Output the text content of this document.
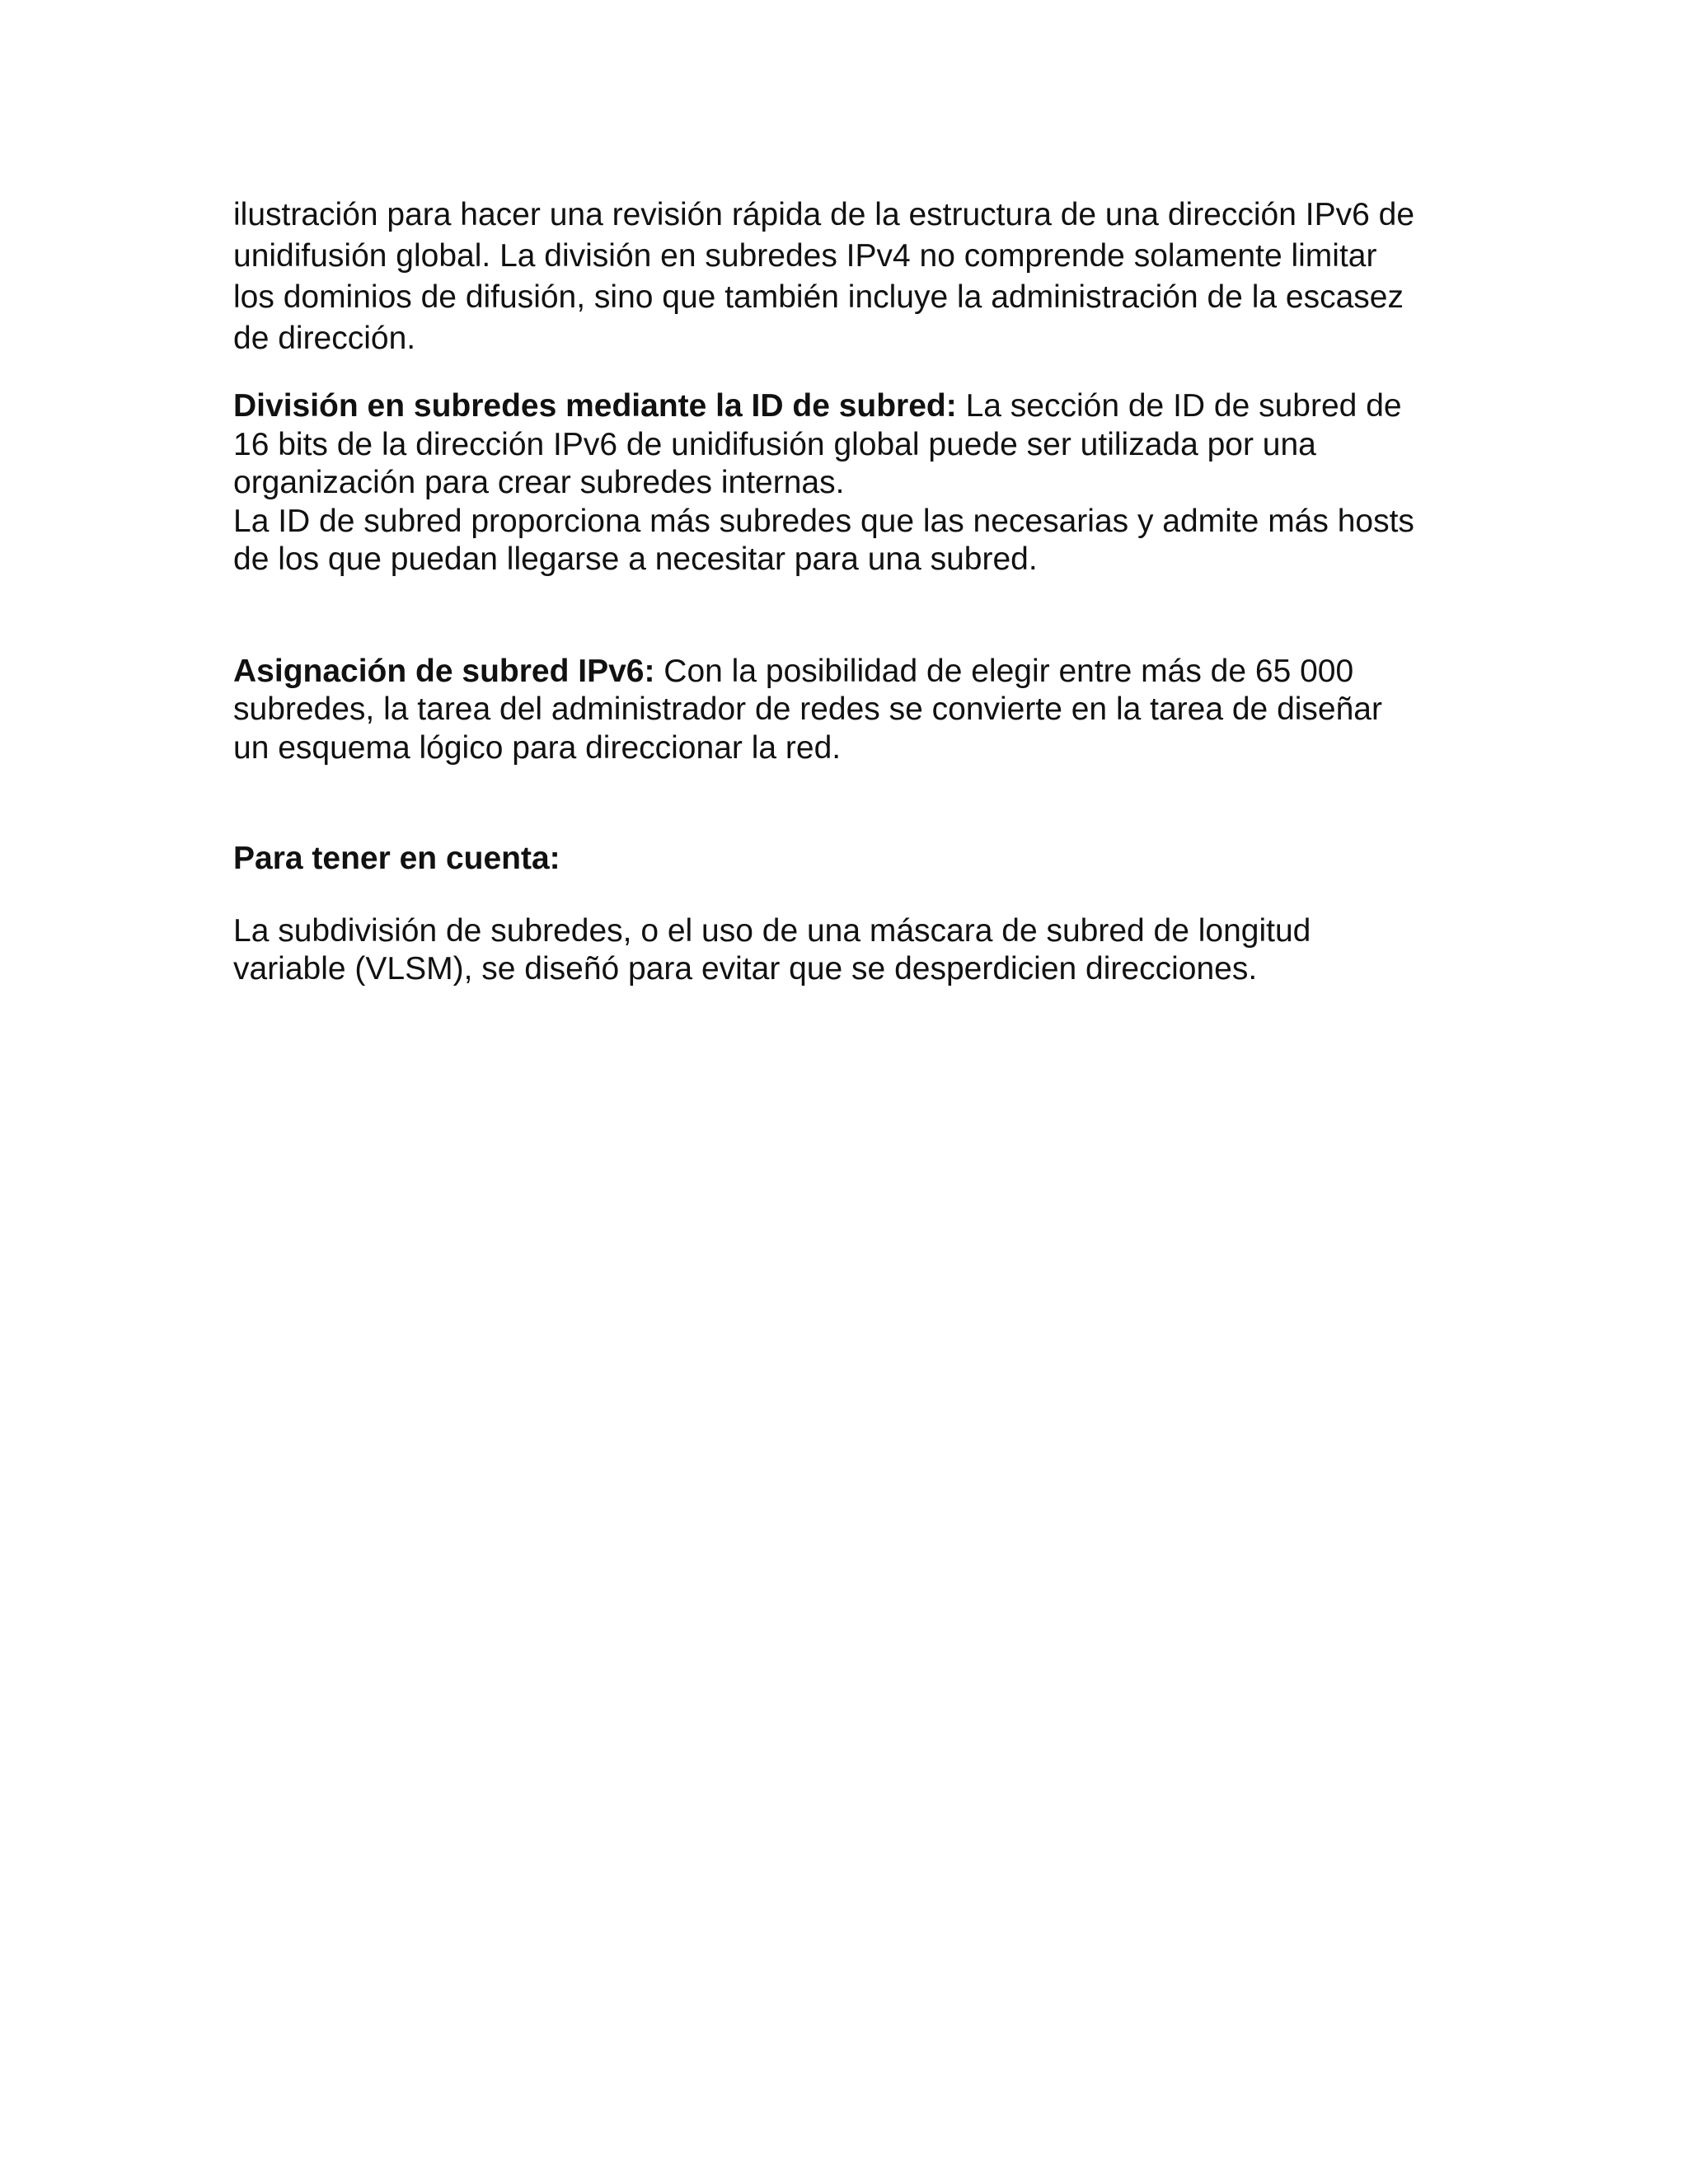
ilustración para hacer una revisión rápida de la estructura de una dirección IPv6 de
unidifusión global. La división en subredes IPv4 no comprende solamente limitar
los dominios de difusión, sino que también incluye la administración de la escasez
de dirección.
División en subredes mediante la ID de subred: La sección de ID de subred de
16 bits de la dirección IPv6 de unidifusión global puede ser utilizada por una
organización para crear subredes internas.
La ID de subred proporciona más subredes que las necesarias y admite más hosts
de los que puedan llegarse a necesitar para una subred.
Asignación de subred IPv6: Con la posibilidad de elegir entre más de 65 000
subredes, la tarea del administrador de redes se convierte en la tarea de diseñar
un esquema lógico para direccionar la red.
Para tener en cuenta:
La subdivisión de subredes, o el uso de una máscara de subred de longitud
variable (VLSM), se diseñó para evitar que se desperdicien direcciones.
